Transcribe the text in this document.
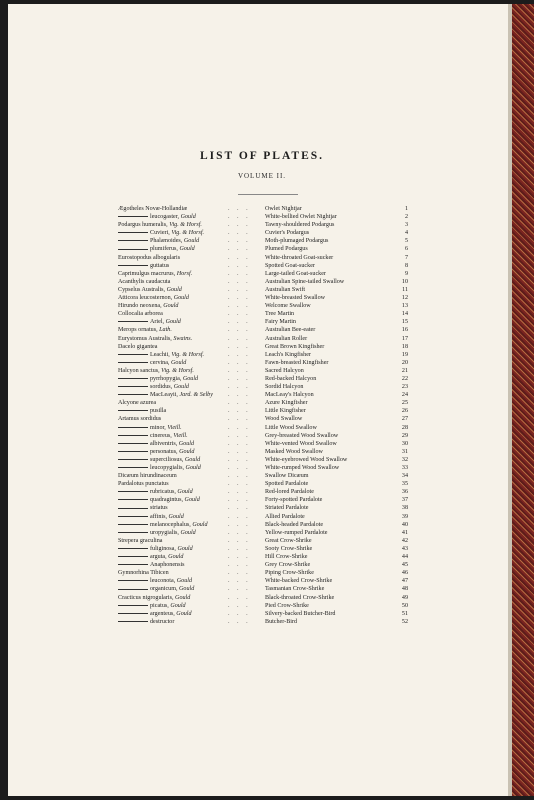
LIST OF PLATES.
VOLUME II.
Ægotheles Novæ-Hollandiæ	. . . Owlet Nightjar	1
leucogaster, Gould	. . . White-bellied Owlet Nightjar	2
Podargus humeralis, Vig. & Horsf.	. . . Tawny-shouldered Podargus	3
Cuvieri, Vig. & Horsf.	. . . Cuvier's Podargus	4
Phalænoides, Gould	. . . Moth-plumaged Podargus	5
plumiferus, Gould	. . . Plumed Podargus	6
Eurostopodus albogularis	. . . White-throated Goat-sucker	7
guttatus	. . . Spotted Goat-sucker	8
Caprimulgus macrurus, Horsf.	. . . Large-tailed Goat-sucker	9
Acanthylis caudacuta	. . . Australian Spine-tailed Swallow	10
Cypselus Australis, Gould	. . . Australian Swift	11
Atticora leucosternon, Gould	. . . White-breasted Swallow	12
Hirundo neoxena, Gould	. . . Welcome Swallow	13
Collocalia arborea	. . . Tree Martin	14
Ariel, Gould	. . . Fairy Martin	15
Merops ornatus, Lath.	. . . Australian Bee-eater	16
Eurystomus Australis, Swains.	. . . Australian Roller	17
Dacelo gigantea	. . . Great Brown Kingfisher	18
Leachii, Vig. & Horsf.	. . . Leach's Kingfisher	19
cervina, Gould	. . . Fawn-breasted Kingfisher	20
Halcyon sanctus, Vig. & Horsf.	. . . Sacred Halcyon	21
pyrrhopygia, Gould	. . . Red-backed Halcyon	22
sordidus, Gould	. . . Sordid Halcyon	23
MacLeayii, Jard. & Selby	. . . MacLeay's Halcyon	24
Alcyone azurea	. . . Azure Kingfisher	25
pusilla	. . . Little Kingfisher	26
Artamus sordidus	. . . Wood Swallow	27
minor, Vieill.	. . . Little Wood Swallow	28
cinereus, Vieill.	. . . Grey-breasted Wood Swallow	29
albiventris, Gould	. . . White-vented Wood Swallow	30
personatus, Gould	. . . Masked Wood Swallow	31
superciliosus, Gould	. . . White-eyebrowed Wood Swallow	32
leucopygialis, Gould	. . . White-rumped Wood Swallow	33
Dicæum hirundinaceum	. . . Swallow Dicæum	34
Pardalotus punctatus	. . . Spotted Pardalote	35
rubricatus, Gould	. . . Red-lored Pardalote	36
quadragintus, Gould	. . . Forty-spotted Pardalote	37
striatus	. . . Striated Pardalote	38
affinis, Gould	. . . Allied Pardalote	39
melanocephalus, Gould	. . . Black-headed Pardalote	40
uropygialis, Gould	. . . Yellow-rumped Pardalote	41
Strepera graculina	. . . Great Crow-Shrike	42
fuliginosa, Gould	. . . Sooty Crow-Shrike	43
arguta, Gould	. . . Hill Crow-Shrike	44
Anaphonensis	. . . Grey Crow-Shrike	45
Gymnorhina Tibicen	. . . Piping Crow-Shrike	46
leuconota, Gould	. . . White-backed Crow-Shrike	47
organicum, Gould	. . . Tasmanian Crow-Shrike	48
Cracticus nigrogularis, Gould	. . . Black-throated Crow-Shrike	49
picatus, Gould	. . . Pied Crow-Shrike	50
argenteus, Gould	. . . Silvery-backed Butcher-Bird	51
destructor	. . . Butcher-Bird	52
